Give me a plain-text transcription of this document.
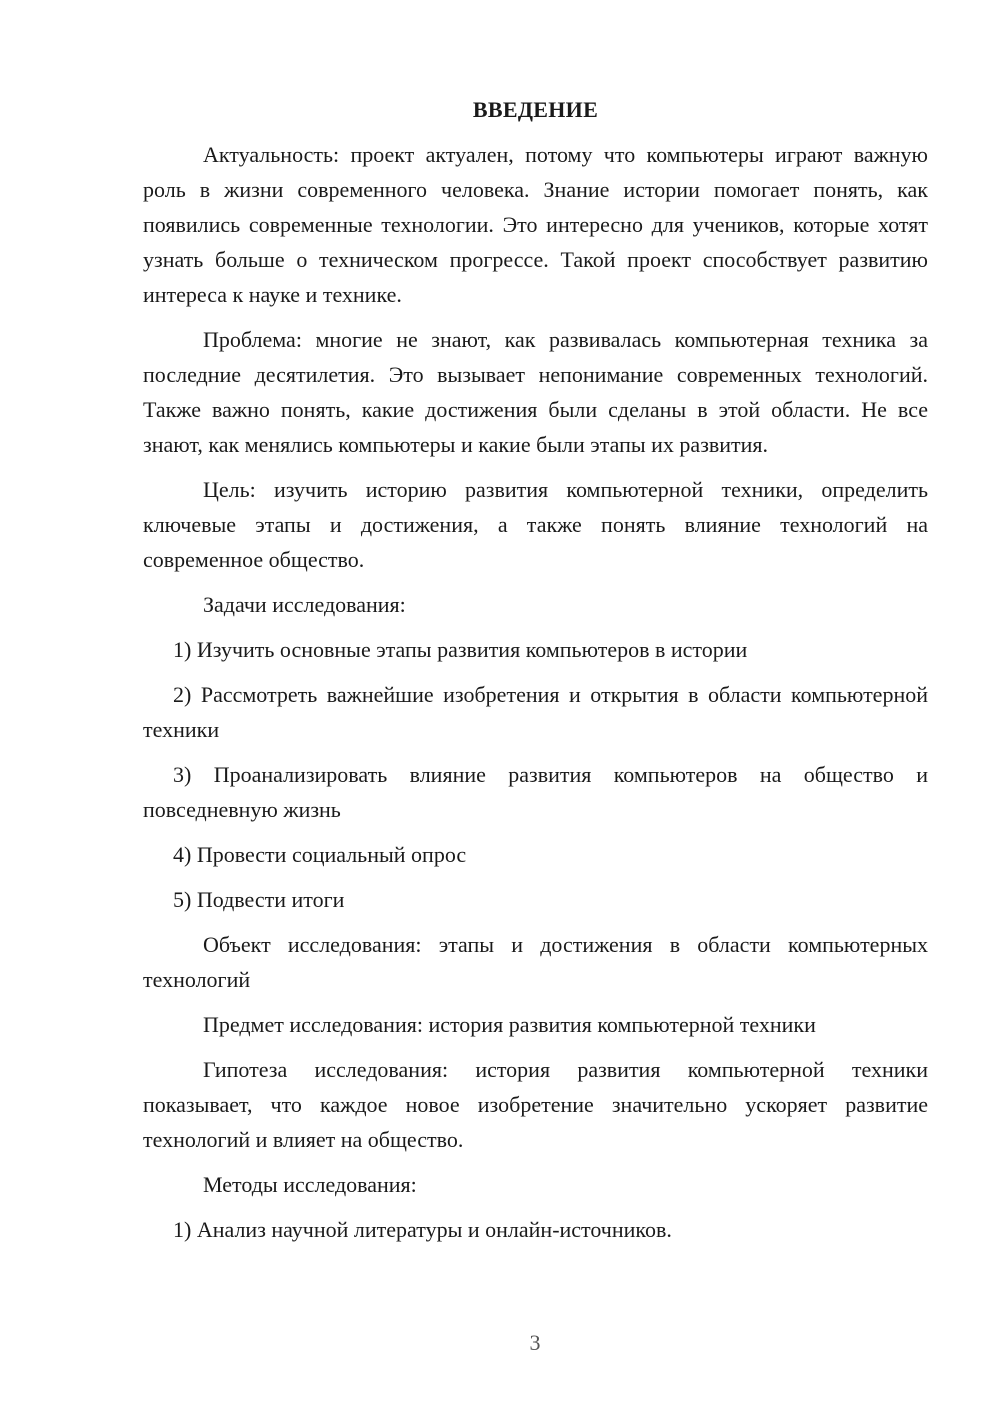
ВВЕДЕНИЕ

Актуальность: проект актуален, потому что компьютеры играют важную роль в жизни современного человека. Знание истории помогает понять, как появились современные технологии. Это интересно для учеников, которые хотят узнать больше о техническом прогрессе. Такой проект способствует развитию интереса к науке и технике.

Проблема: многие не знают, как развивалась компьютерная техника за последние десятилетия. Это вызывает непонимание современных технологий. Также важно понять, какие достижения были сделаны в этой области. Не все знают, как менялись компьютеры и какие были этапы их развития.

Цель: изучить историю развития компьютерной техники, определить ключевые этапы и достижения, а также понять влияние технологий на современное общество.

Задачи исследования:

1) Изучить основные этапы развития компьютеров в истории

2) Рассмотреть важнейшие изобретения и открытия в области компьютерной техники

3) Проанализировать влияние развития компьютеров на общество и повседневную жизнь

4) Провести социальный опрос

5) Подвести итоги

Объект исследования: этапы и достижения в области компьютерных технологий

Предмет исследования: история развития компьютерной техники

Гипотеза исследования: история развития компьютерной техники показывает, что каждое новое изобретение значительно ускоряет развитие технологий и влияет на общество.

Методы исследования:

1) Анализ научной литературы и онлайн-источников.

3
